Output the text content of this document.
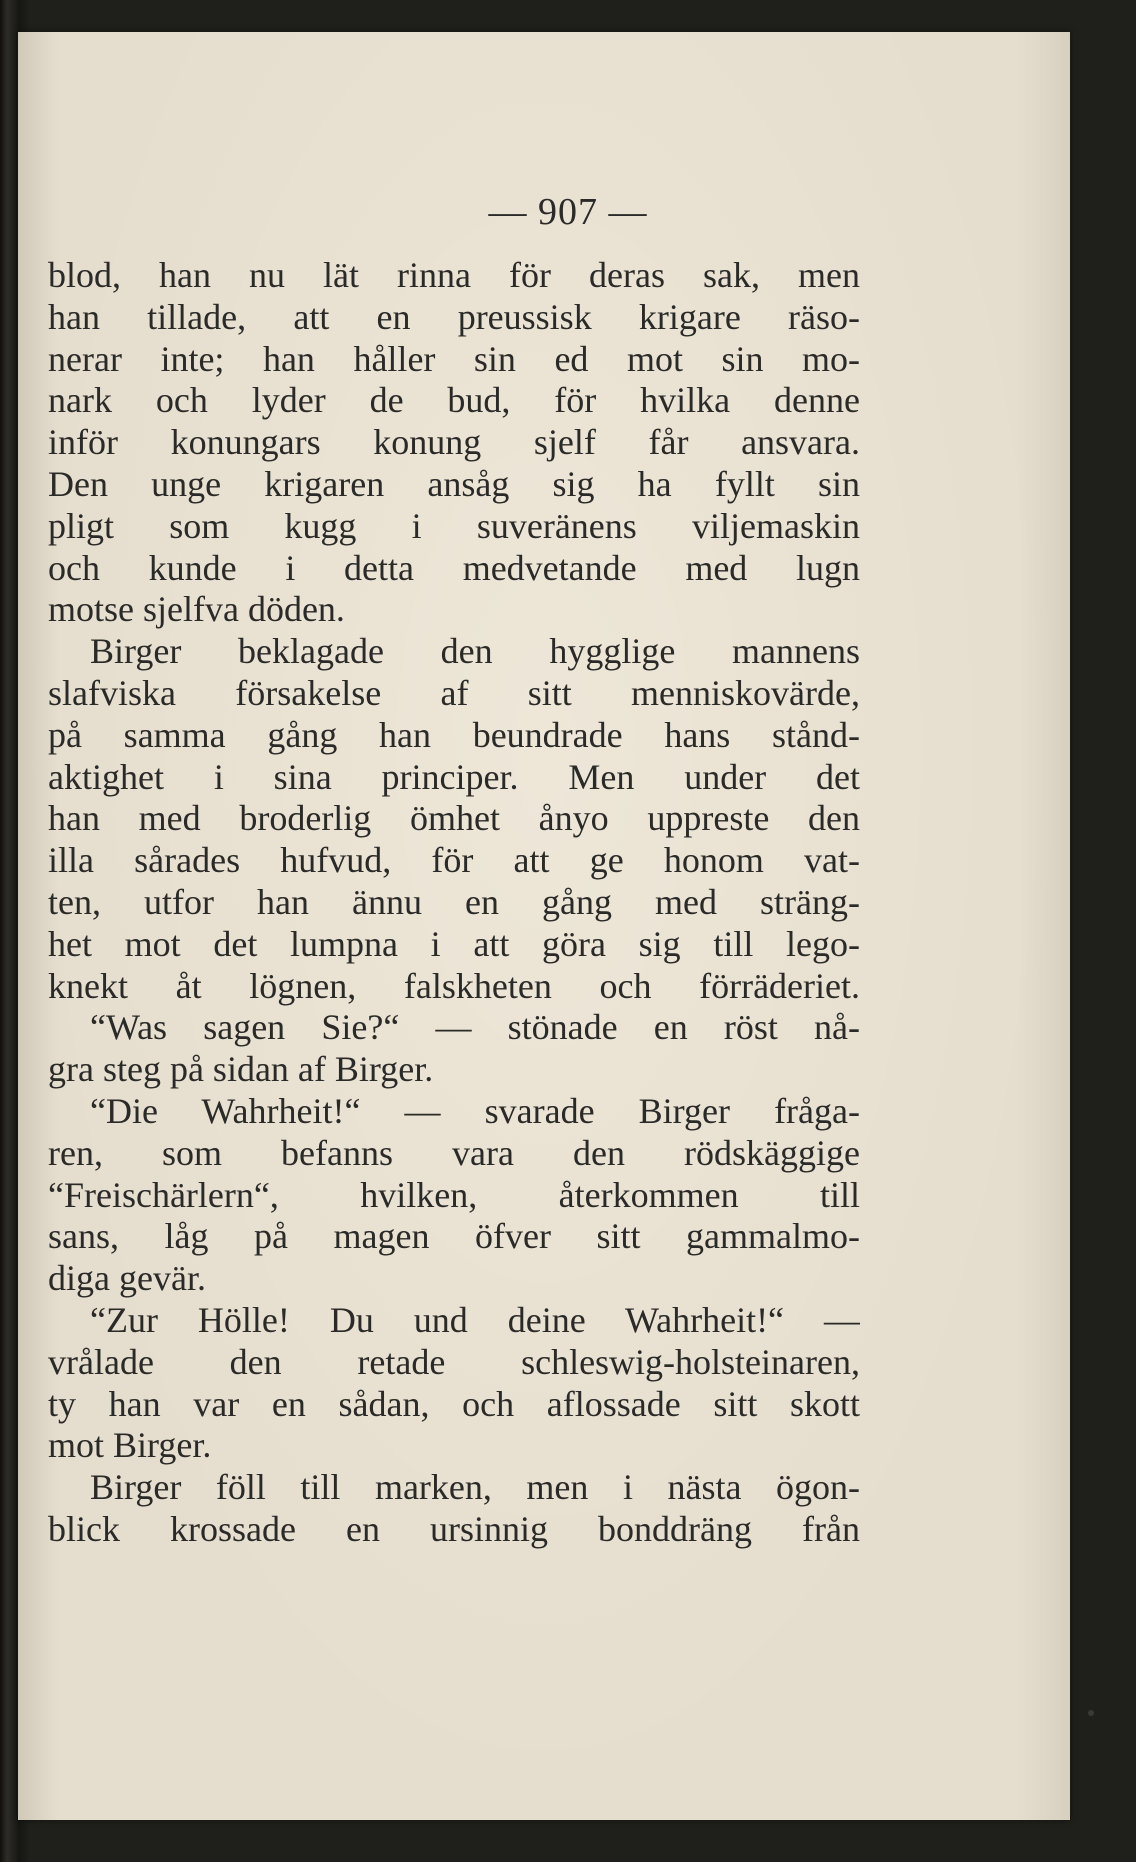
— 907 —
blod, han nu lät rinna för deras sak, men
han tillade, att en preussisk krigare räso-
nerar inte; han håller sin ed mot sin mo-
nark och lyder de bud, för hvilka denne
inför konungars konung sjelf får ansvara.
Den unge krigaren ansåg sig ha fyllt sin
pligt som kugg i suveränens viljemaskin
och kunde i detta medvetande med lugn
motse sjelfva döden.
Birger beklagade den hygglige mannens
slafviska försakelse af sitt menniskovärde,
på samma gång han beundrade hans stånd-
aktighet i sina principer. Men under det
han med broderlig ömhet ånyo uppreste den
illa sårades hufvud, för att ge honom vat-
ten, utfor han ännu en gång med sträng-
het mot det lumpna i att göra sig till lego-
knekt åt lögnen, falskheten och förräderiet.
“Was sagen Sie?“ — stönade en röst nå-
gra steg på sidan af Birger.
“Die Wahrheit!“ — svarade Birger fråga-
ren, som befanns vara den rödskäggige
“Freischärlern“, hvilken, återkommen till
sans, låg på magen öfver sitt gammalmo-
diga gevär.
“Zur Hölle! Du und deine Wahrheit!“ —
vrålade den retade schleswig-holsteinaren,
ty han var en sådan, och aflossade sitt skott
mot Birger.
Birger föll till marken, men i nästa ögon-
blick krossade en ursinnig bonddräng från
